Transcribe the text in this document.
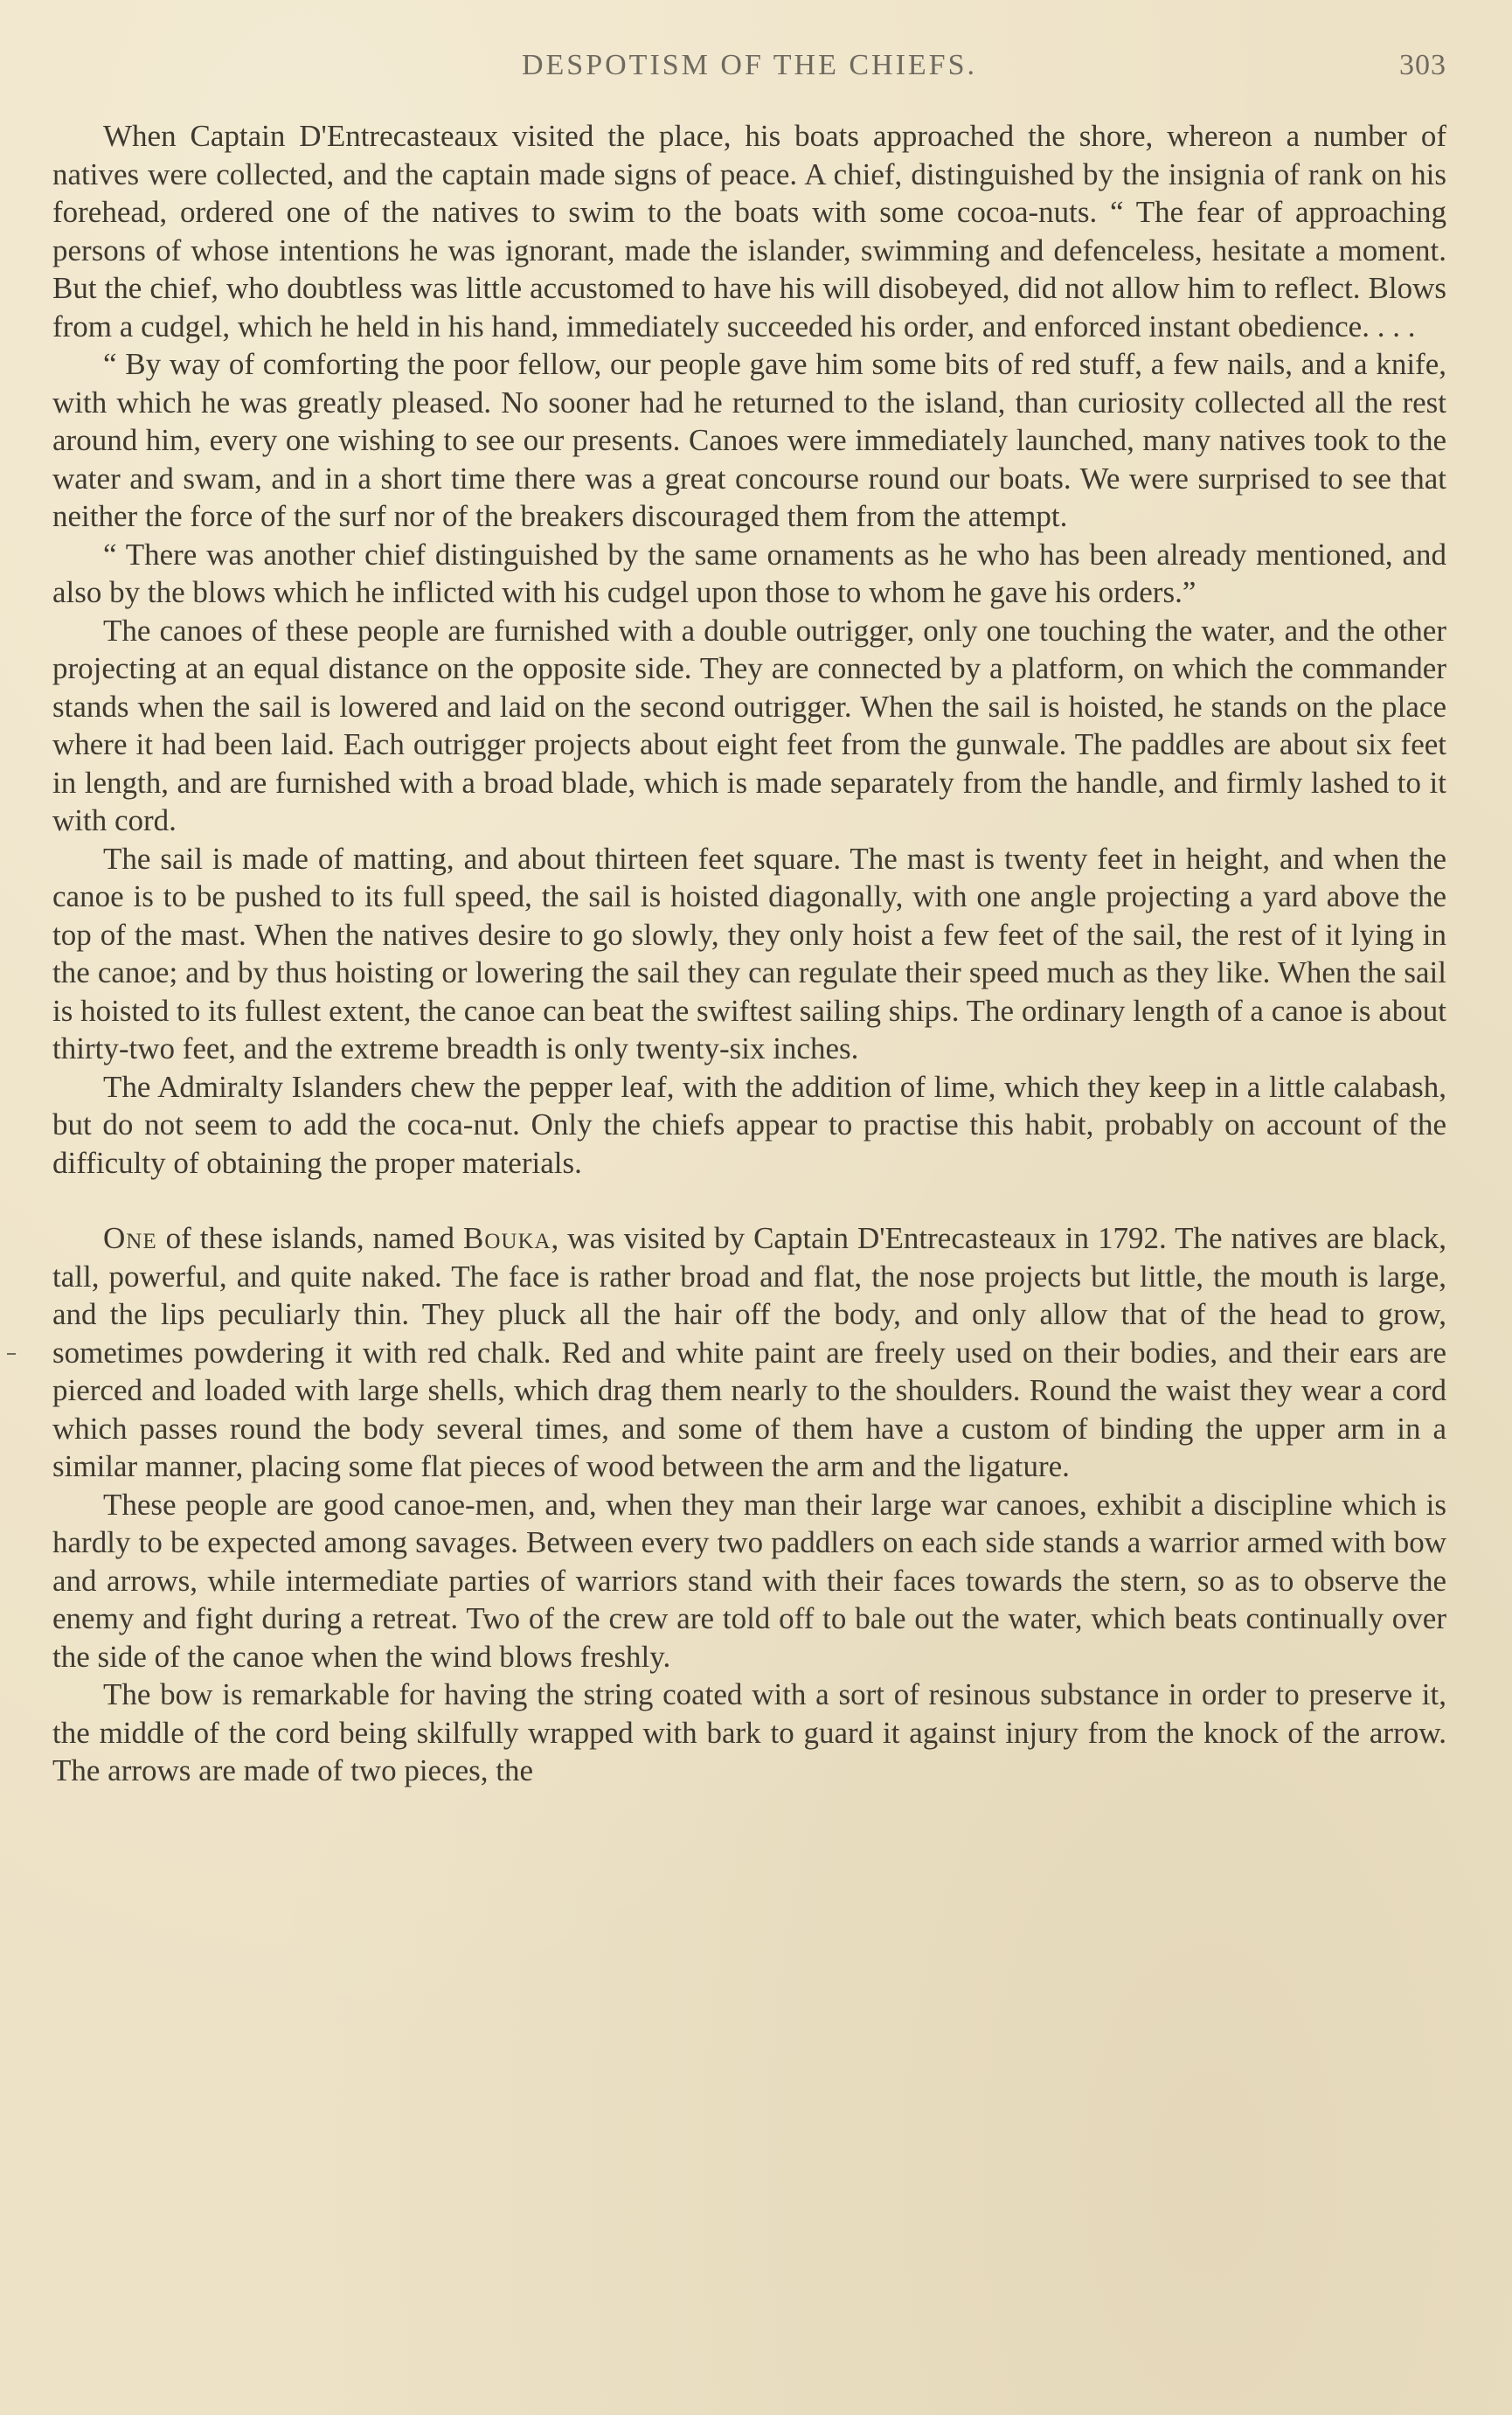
DESPOTISM OF THE CHIEFS.	303

When Captain D'Entrecasteaux visited the place, his boats approached the shore, whereon a number of natives were collected, and the captain made signs of peace. A chief, distinguished by the insignia of rank on his forehead, ordered one of the natives to swim to the boats with some cocoa-nuts. “ The fear of approaching persons of whose intentions he was ignorant, made the islander, swimming and defenceless, hesitate a moment. But the chief, who doubtless was little accustomed to have his will disobeyed, did not allow him to reflect. Blows from a cudgel, which he held in his hand, immediately succeeded his order, and enforced instant obedience. . . .

“ By way of comforting the poor fellow, our people gave him some bits of red stuff, a few nails, and a knife, with which he was greatly pleased. No sooner had he returned to the island, than curiosity collected all the rest around him, every one wishing to see our presents. Canoes were immediately launched, many natives took to the water and swam, and in a short time there was a great concourse round our boats. We were surprised to see that neither the force of the surf nor of the breakers discouraged them from the attempt.

“ There was another chief distinguished by the same ornaments as he who has been already mentioned, and also by the blows which he inflicted with his cudgel upon those to whom he gave his orders.”

The canoes of these people are furnished with a double outrigger, only one touching the water, and the other projecting at an equal distance on the opposite side. They are connected by a platform, on which the commander stands when the sail is lowered and laid on the second outrigger. When the sail is hoisted, he stands on the place where it had been laid. Each outrigger projects about eight feet from the gunwale. The paddles are about six feet in length, and are furnished with a broad blade, which is made separately from the handle, and firmly lashed to it with cord.

The sail is made of matting, and about thirteen feet square. The mast is twenty feet in height, and when the canoe is to be pushed to its full speed, the sail is hoisted diagonally, with one angle projecting a yard above the top of the mast. When the natives desire to go slowly, they only hoist a few feet of the sail, the rest of it lying in the canoe; and by thus hoisting or lowering the sail they can regulate their speed much as they like. When the sail is hoisted to its fullest extent, the canoe can beat the swiftest sailing ships. The ordinary length of a canoe is about thirty-two feet, and the extreme breadth is only twenty-six inches.

The Admiralty Islanders chew the pepper leaf, with the addition of lime, which they keep in a little calabash, but do not seem to add the coca-nut. Only the chiefs appear to practise this habit, probably on account of the difficulty of obtaining the proper materials.

One of these islands, named Bouka, was visited by Captain D'Entrecasteaux in 1792. The natives are black, tall, powerful, and quite naked. The face is rather broad and flat, the nose projects but little, the mouth is large, and the lips peculiarly thin. They pluck all the hair off the body, and only allow that of the head to grow, sometimes powdering it with red chalk. Red and white paint are freely used on their bodies, and their ears are pierced and loaded with large shells, which drag them nearly to the shoulders. Round the waist they wear a cord which passes round the body several times, and some of them have a custom of binding the upper arm in a similar manner, placing some flat pieces of wood between the arm and the ligature.

These people are good canoe-men, and, when they man their large war canoes, exhibit a discipline which is hardly to be expected among savages. Between every two paddlers on each side stands a warrior armed with bow and arrows, while intermediate parties of warriors stand with their faces towards the stern, so as to observe the enemy and fight during a retreat. Two of the crew are told off to bale out the water, which beats continually over the side of the canoe when the wind blows freshly.

The bow is remarkable for having the string coated with a sort of resinous substance in order to preserve it, the middle of the cord being skilfully wrapped with bark to guard it against injury from the knock of the arrow. The arrows are made of two pieces, the
